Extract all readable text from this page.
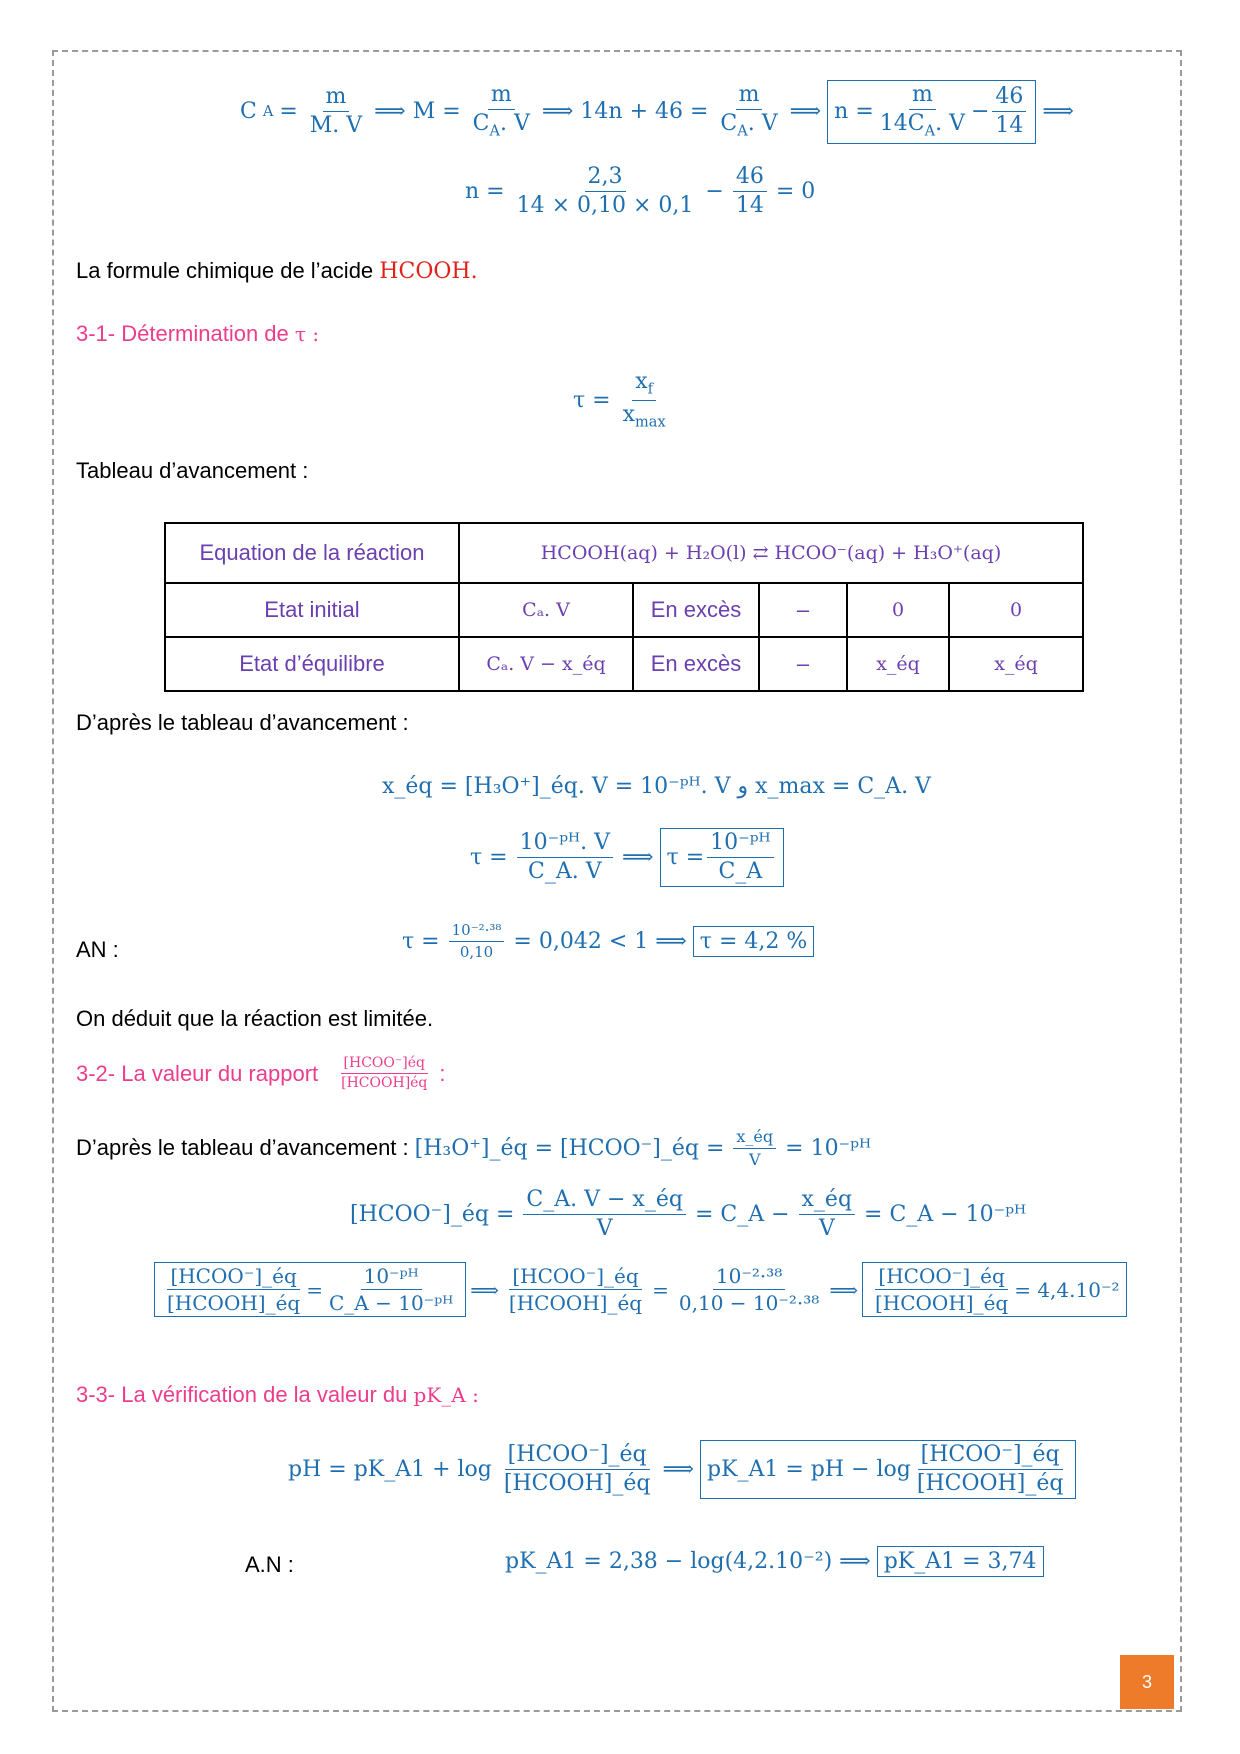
C $A = \frac{m}{M. V}$ ⟹ $M = \frac{m}{C_A. V}$ ⟹ $14n + 46 = \frac{m}{C_A. V}$ ⟹ $n = \frac{m}{14C_A. V} - \frac{46}{14}$ ⟹
$n = \frac{2,3}{14 \times 0,10 \times 0,1} - \frac{46}{14} = 0$
La formule chimique de l’acide HCOOH.
3-1- Détermination de τ :
$\tau = \frac{x_f}{x_{max}}$
Tableau d’avancement :
Equation de la réaction	HCOOH(aq) + H₂O(l) ⇄ HCOO⁻(aq) + H₃O⁺(aq)				
Etat initial	Cₐ. V	En excès	–	0	0
Etat d’équilibre	Cₐ. V − x_éq	En excès	–	x_éq	x_éq
D’après le tableau d’avancement :
x_éq = [H₃O⁺]_éq. V = 10⁻ᵖᴴ. V و x_max = C_A. V
$\tau = \frac{\text{10⁻ᵖᴴ. V}}{C\_A. V}$ ⟹ $\tau = \frac{\text{10⁻ᵖᴴ}}{C\_A}$
AN :	$\tau = \frac{\text{10⁻²·³⁸}}{0,10} = 0,042 < 1$ ⟹ τ = 4,2 %
On déduit que la réaction est limitée.
3-2- La valeur du rapport $\frac{\text{[HCOO⁻]éq}}{\text{[HCOOH]éq}}$ :
D’après le tableau d’avancement : [H₃O⁺]_éq = [HCOO⁻]_éq = $\frac{x\_éq}{V}$ = 10⁻ᵖᴴ
[HCOO⁻]_éq = $\frac{C\_A. V - x\_éq}{V}$ = C_A − $\frac{x\_éq}{V}$ = C_A − 10⁻ᵖᴴ
$\frac{\text{[HCOO⁻]\_éq}}{\text{[HCOOH]\_éq}} = \frac{\text{10⁻ᵖᴴ}}{\text{C\_A − 10⁻ᵖᴴ}}$ ⟹ $\frac{\text{[HCOO⁻]\_éq}}{\text{[HCOOH]\_éq}} = \frac{\text{10⁻²·³⁸}}{\text{0,10 − 10⁻²·³⁸}}$ ⟹ $\frac{\text{[HCOO⁻]\_éq}}{\text{[HCOOH]\_éq}} = 4,4.10^{-2}$
3-3- La vérification de la valeur du pK_A :
pH = pK_A1 + $\log \frac{\text{[HCOO⁻]\_éq}}{\text{[HCOOH]\_éq}}$ ⟹ pK_A1 = pH − $\log \frac{\text{[HCOO⁻]\_éq}}{\text{[HCOOH]\_éq}}$
A.N :	pK_A1 = 2,38 − log(4,2.10⁻²) ⟹ pK_A1 = 3,74
3
